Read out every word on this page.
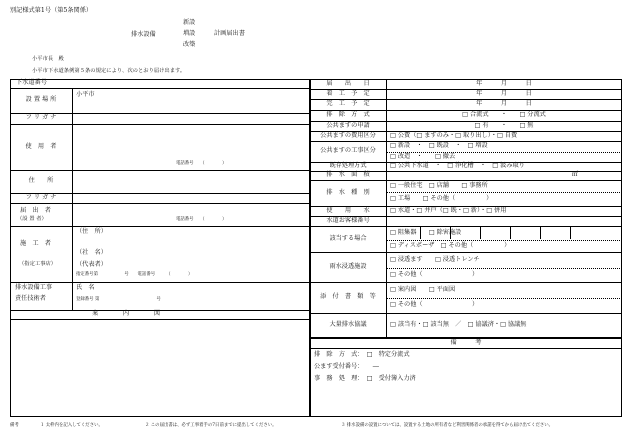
別記様式第1号（第5条関係）
排水設備
新設
増設
改築
計画届出書
小平市長　殿
小平市下水道条例第５条の規定により、次のとおり届け出ます。
下水道番号
設 置 場 所
小平市
フ リ ガ ナ
使　用　者
電話番号　　（　　　　）
住　　所
フ リ ガ ナ
届　出　者
（設 置 者）	電話番号　　（　　　　）
施　工　者
（指定工事店）
（住　所）
（社　名）
（代表者）
指定番号第　　　　　　	号　　 電話番号　　　（　　　　）
排水設備工事
責任技術者
氏　名
登録番号 第　　　　　　　　　　　　　	号
案　　　　内　　　　図
届　　出　　日	年　　　月　　　日
着　工　予　定	年　　　月　　　日
完　工　予　定	年　　　月　　　日
排　除　方　式	□ 合流式　　・　　□ 分流式
公共ますの申請	□ 有　　・　　□ 無
公共ますの費用区分	□ 公費（□ ますのみ・□ 取り出し）・□ 自費
公共ますの工事区分
□ 新設　・　□ 既設　・　□ 増設
□ 改造　・　　□ 撤去
既存処理方式	□ 公共下水道　・　□ 浄化槽　・　□ 汲み取り
排　水　面　積	㎡
排　水　種　別
□ 一般住宅　□ 店舗　　□ 事務所
□ 工場　　□ その他（　　　　　）
使　　用　　水	□ 水道・□ 井戸（□ 既・□ 新）・□ 併用
水道お客様番号
該当する場合
□ 阻集器　　□ 除害施設
□ ディスポーザ　□ その他（　　　　　）
雨水浸透施設
□ 浸透ます　　□ 浸透トレンチ
□ その他（　　　　　　　　）
添　付　書　類　等
□ 案内図　　□ 平面図
□ その他（　　　　　　　　）
大量排水協議	□ 該当有・□ 該当無　／　□ 協議済・□ 協議無
備　　　考
排　除　方　式：　□　特定分流式
公ます受付番号：　　―
事　務　処　理：　□　受付簿入力済
備考	１ 太枠内を記入してください。	２ この届出書は、必ず工事着手の7日前までに提出してください。	３ 排水設備の設置については、設置する土地の所有者など利害関係者の承諾を得てから届け出てください。
